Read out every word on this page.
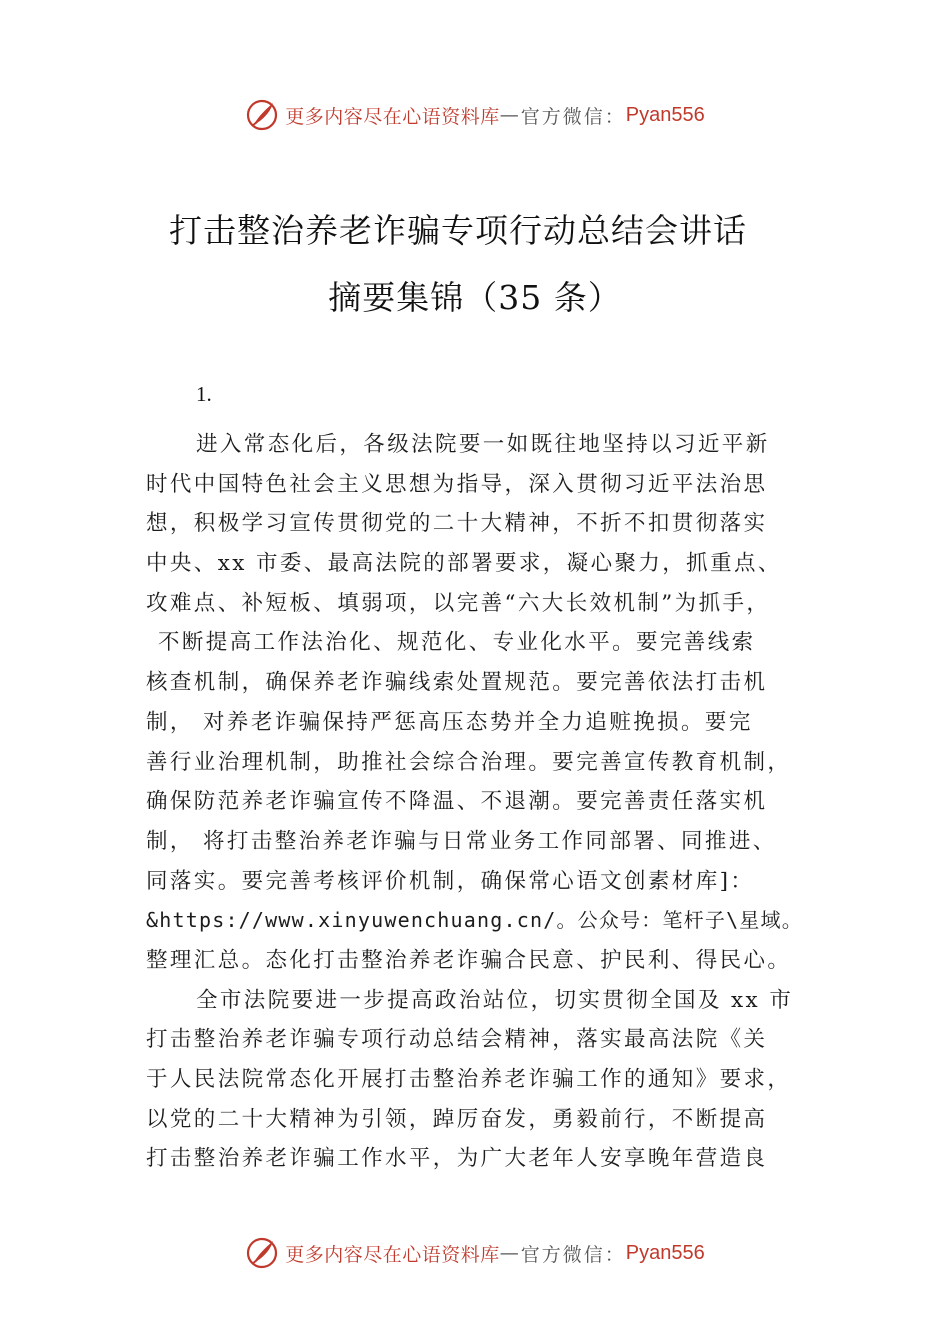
更多内容尽在心语资料库 — 官方微信： Pyan556
打击整治养老诈骗专项行动总结会讲话
摘要集锦（35 条）
1.
进入常态化后，各级法院要一如既往地坚持以习近平新
时代中国特色社会主义思想为指导，深入贯彻习近平法治思
想，积极学习宣传贯彻党的二十大精神，不折不扣贯彻落实
中央、xx 市委、最高法院的部署要求，凝心聚力，抓重点、
攻难点、补短板、填弱项，以完善“六大长效机制”为抓手，
不断提高工作法治化、规范化、专业化水平。要完善线索
核查机制，确保养老诈骗线索处置规范。要完善依法打击机
制， 对养老诈骗保持严惩高压态势并全力追赃挽损。要完
善行业治理机制，助推社会综合治理。要完善宣传教育机制，
确保防范养老诈骗宣传不降温、不退潮。要完善责任落实机
制， 将打击整治养老诈骗与日常业务工作同部署、同推进、
同落实。要完善考核评价机制，确保常心语文创素材库]：
&https://www.xinyuwenchuang.cn/。公众号：笔杆子\星域。
整理汇总。态化打击整治养老诈骗合民意、护民利、得民心。
全市法院要进一步提高政治站位，切实贯彻全国及 xx 市
打击整治养老诈骗专项行动总结会精神，落实最高法院《关
于人民法院常态化开展打击整治养老诈骗工作的通知》要求，
以党的二十大精神为引领，踔厉奋发，勇毅前行，不断提高
打击整治养老诈骗工作水平，为广大老年人安享晚年营造良
更多内容尽在心语资料库 — 官方微信： Pyan556
